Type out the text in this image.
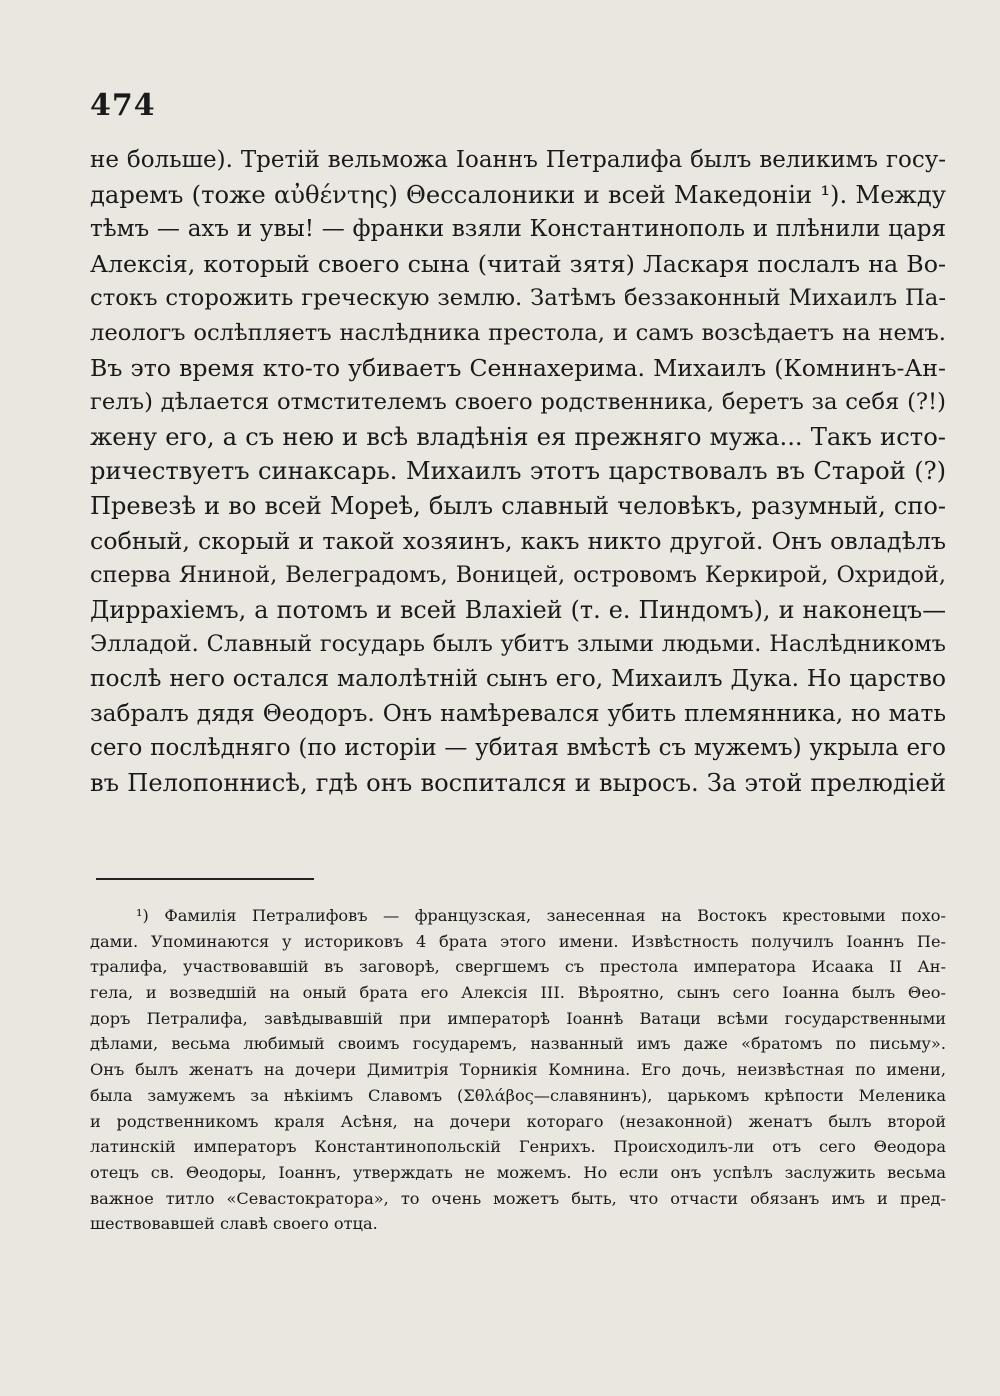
474
не больше). Третій вельможа Іоаннъ Петралифа былъ великимъ госу-
даремъ (тоже αὐθέντης) Θессалоники и всей Македоніи ¹). Между
тѣмъ — ахъ и увы! — франки взяли Константинополь и плѣнили царя
Алексія, который своего сына (читай зятя) Ласкаря послалъ на Во-
стокъ сторожить греческую землю. Затѣмъ беззаконный Михаилъ Па-
леологъ ослѣпляетъ наслѣдника престола, и самъ возсѣдаетъ на немъ.
Въ это время кто-то убиваетъ Сеннахерима. Михаилъ (Комнинъ-Ан-
гелъ) дѣлается отмстителемъ своего родственника, беретъ за себя (?!)
жену его, а съ нею и всѣ владѣнія ея прежняго мужа... Такъ исто-
ричествуетъ синаксарь. Михаилъ этотъ царствовалъ въ Старой (?)
Превезѣ и во всей Мореѣ, былъ славный человѣкъ, разумный, спо-
собный, скорый и такой хозяинъ, какъ никто другой. Онъ овладѣлъ
сперва Яниной, Велеградомъ, Воницей, островомъ Керкирой, Охридой,
Диррахіемъ, а потомъ и всей Влахіей (т. е. Пиндомъ), и наконецъ—
Элладой. Славный государь былъ убитъ злыми людьми. Наслѣдникомъ
послѣ него остался малолѣтній сынъ его, Михаилъ Дука. Но царство
забралъ дядя Θеодоръ. Онъ намѣревался убить племянника, но мать
сего послѣдняго (по исторіи — убитая вмѣстѣ съ мужемъ) укрыла его
въ Пелопоннисѣ, гдѣ онъ воспитался и выросъ. За этой прелюдіей
¹) Фамилія Петралифовъ — французская, занесенная на Востокъ крестовыми похо-
дами. Упоминаются у историковъ 4 брата этого имени. Извѣстность получилъ Іоаннъ Пе-
тралифа, участвовавшій въ заговорѣ, свергшемъ съ престола императора Исаака II Ан-
гела, и возведшій на оный брата его Алексія III. Вѣроятно, сынъ сего Іоанна былъ Θео-
доръ Петралифа, завѣдывавшій при императорѣ Іоаннѣ Ватаци всѣми государственными
дѣлами, весьма любимый своимъ государемъ, названный имъ даже «братомъ по письму».
Онъ былъ женатъ на дочери Димитрія Торникія Комнина. Его дочь, неизвѣстная по имени,
была замужемъ за нѣкіимъ Славомъ (Σθλάβος—славянинъ), царькомъ крѣпости Меленика
и родственникомъ краля Асѣня, на дочери котораго (незаконной) женатъ былъ второй
латинскій императоръ Константинопольскій Генрихъ. Происходилъ-ли отъ сего Θеодора
отецъ св. Θеодоры, Іоаннъ, утверждать не можемъ. Но если онъ успѣлъ заслужить весьма
важное титло «Севастократора», то очень можетъ быть, что отчасти обязанъ имъ и пред-
шествовавшей славѣ своего отца.
